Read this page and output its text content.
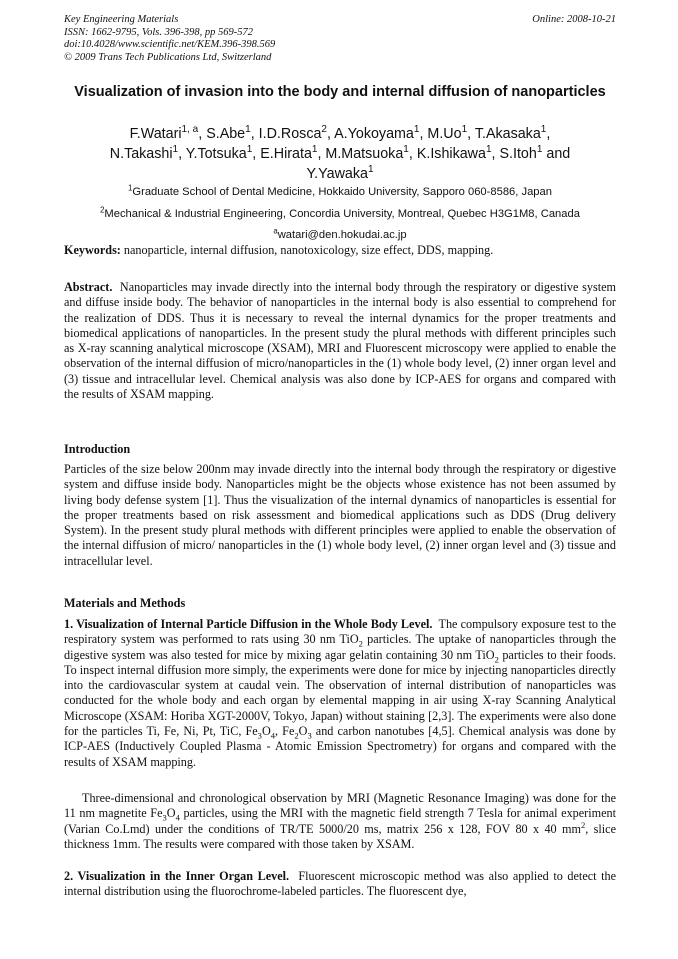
Key Engineering Materials
ISSN: 1662-9795, Vols. 396-398, pp 569-572
doi:10.4028/www.scientific.net/KEM.396-398.569
© 2009 Trans Tech Publications Ltd, Switzerland
Online: 2008-10-21
Visualization of invasion into the body and internal diffusion of nanoparticles
F.Watari$^{1, a}$, S.Abe$^1$, I.D.Rosca$^2$, A.Yokoyama$^1$, M.Uo$^1$, T.Akasaka$^1$,
N.Takashi$^1$, Y.Totsuka$^1$, E.Hirata$^1$, M.Matsuoka$^1$, K.Ishikawa$^1$, S.Itoh$^1$ and
Y.Yawaka$^1$
$^1$Graduate School of Dental Medicine, Hokkaido University, Sapporo 060-8586, Japan
$^2$Mechanical & Industrial Engineering, Concordia University, Montreal, Quebec H3G1M8, Canada
$^a$watari@den.hokudai.ac.jp
Keywords: nanoparticle, internal diffusion, nanotoxicology, size effect, DDS, mapping.
Abstract. Nanoparticles may invade directly into the internal body through the respiratory or digestive system and diffuse inside body. The behavior of nanoparticles in the internal body is also essential to comprehend for the realization of DDS. Thus it is necessary to reveal the internal dynamics for the proper treatments and biomedical applications of nanoparticles. In the present study the plural methods with different principles such as X-ray scanning analytical microscope (XSAM), MRI and Fluorescent microscopy were applied to enable the observation of the internal diffusion of micro/nanoparticles in the (1) whole body level, (2) inner organ level and (3) tissue and intracellular level. Chemical analysis was also done by ICP-AES for organs and compared with the results of XSAM mapping.
Introduction
Particles of the size below 200nm may invade directly into the internal body through the respiratory or digestive system and diffuse inside body. Nanoparticles might be the objects whose existence has not been assumed by living body defense system [1]. Thus the visualization of the internal dynamics of nanoparticles is essential for the proper treatments based on risk assessment and biomedical applications such as DDS (Drug delivery System). In the present study plural methods with different principles were applied to enable the observation of the internal diffusion of micro/ nanoparticles in the (1) whole body level, (2) inner organ level and (3) tissue and intracellular level.
Materials and Methods
1. Visualization of Internal Particle Diffusion in the Whole Body Level. The compulsory exposure test to the respiratory system was performed to rats using 30 nm TiO$_2$ particles. The uptake of nanoparticles through the digestive system was also tested for mice by mixing agar gelatin containing 30 nm TiO$_2$ particles to their foods. To inspect internal diffusion more simply, the experiments were done for mice by injecting nanoparticles directly into the cardiovascular system at caudal vein. The observation of internal distribution of nanoparticles was conducted for the whole body and each organ by elemental mapping in air using X-ray Scanning Analytical Microscope (XSAM: Horiba XGT-2000V, Tokyo, Japan) without staining [2,3]. The experiments were also done for the particles Ti, Fe, Ni, Pt, TiC, $Fe_3O_4$, $Fe_2O_3$ and carbon nanotubes [4,5]. Chemical analysis was done by ICP-AES (Inductively Coupled Plasma - Atomic Emission Spectrometry) for organs and compared with the results of XSAM mapping.
Three-dimensional and chronological observation by MRI (Magnetic Resonance Imaging) was done for the 11 nm magnetite $Fe_3O_4$ particles, using the MRI with the magnetic field strength 7 Tesla for animal experiment (Varian Co.Lmd) under the conditions of TR/TE 5000/20 ms, matrix 256 x 128, FOV 80 x 40 $mm^2$, slice thickness 1mm. The results were compared with those taken by XSAM.
2. Visualization in the Inner Organ Level. Fluorescent microscopic method was also applied to detect the internal distribution using the fluorochrome-labeled particles. The fluorescent dye,
